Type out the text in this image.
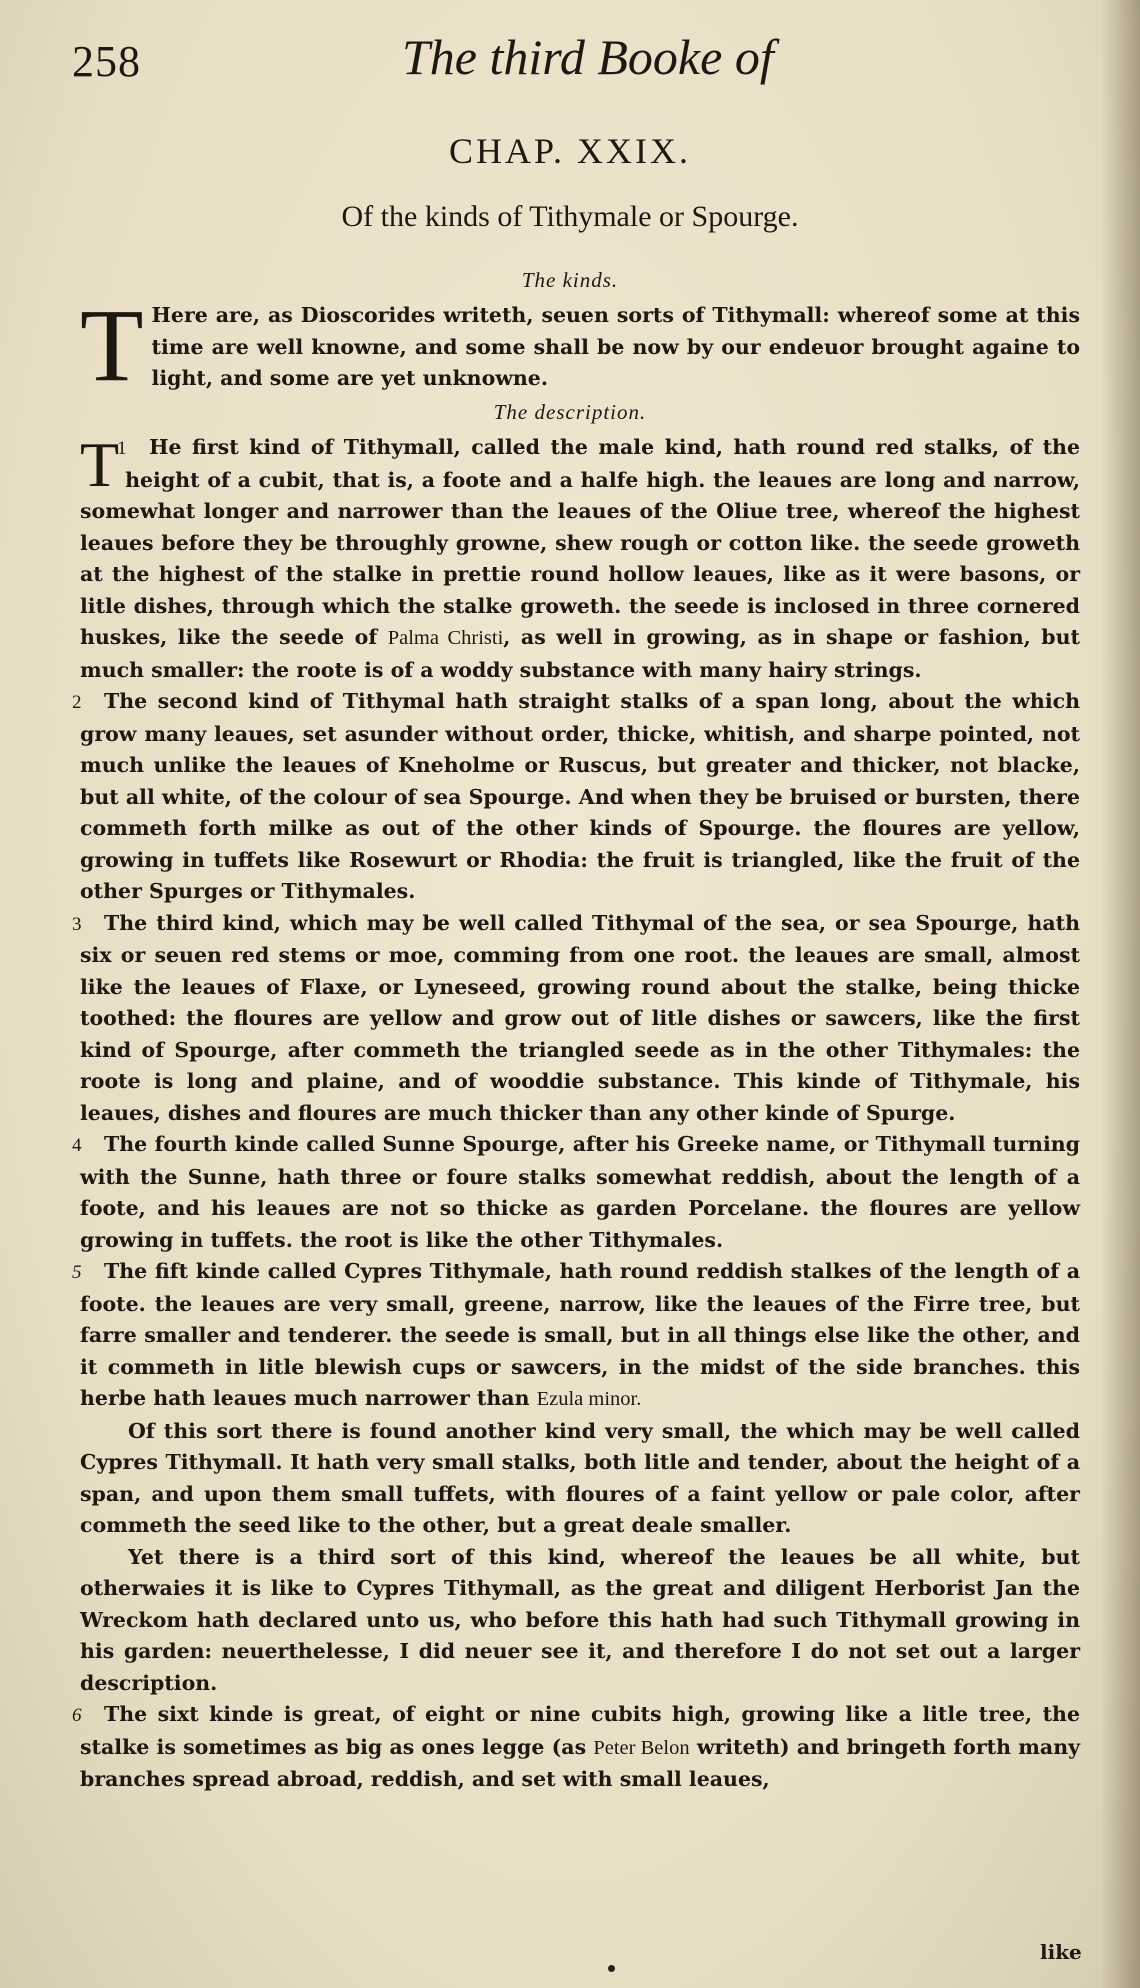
258	The third Booke of
CHAP. XXIX.
Of the kinds of Tithymale or Spourge.
The kinds.

T Here are, as Dioscorides writeth, seuen sorts of Tithymall: whereof some at this time are well knowne, and some shall be now by our endeuor brought againe to light, and some are yet unknowne.

The description.

1
T He first kind of Tithymall, called the male kind, hath round red stalks, of the height of a cubit, that is, a foote and a halfe high. the leaues are long and narrow, somewhat longer and narrower than the leaues of the Oliue tree, whereof the highest leaues before they be throughly growne, shew rough or cotton like. the seede groweth at the highest of the stalke in prettie round hollow leaues, like as it were basons, or litle dishes, through which the stalke groweth. the seede is inclosed in three cornered huskes, like the seede of Palma Christi, as well in growing, as in shape or fashion, but much smaller: the roote is of a woddy substance with many hairy strings.

2 The second kind of Tithymal hath straight stalks of a span long, about the which grow many leaues, set asunder without order, thicke, whitish, and sharpe pointed, not much unlike the leaues of Kneholme or Ruscus, but greater and thicker, not blacke, but all white, of the colour of sea Spourge. And when they be bruised or bursten, there commeth forth milke as out of the other kinds of Spourge. the floures are yellow, growing in tuffets like Rosewurt or Rhodia: the fruit is triangled, like the fruit of the other Spurges or Tithymales.

3 The third kind, which may be well called Tithymal of the sea, or sea Spourge, hath six or seuen red stems or moe, comming from one root. the leaues are small, almost like the leaues of Flaxe, or Lyneseed, growing round about the stalke, being thicke toothed: the floures are yellow and grow out of litle dishes or sawcers, like the first kind of Spourge, after commeth the triangled seede as in the other Tithymales: the roote is long and plaine, and of wooddie substance. This kinde of Tithymale, his leaues, dishes and floures are much thicker than any other kinde of Spurge.

4 The fourth kinde called Sunne Spourge, after his Greeke name, or Tithymall turning with the Sunne, hath three or foure stalks somewhat reddish, about the length of a foote, and his leaues are not so thicke as garden Porcelane. the floures are yellow growing in tuffets. the root is like the other Tithymales.

5 The fift kinde called Cypres Tithymale, hath round reddish stalkes of the length of a foote. the leaues are very small, greene, narrow, like the leaues of the Firre tree, but farre smaller and tenderer. the seede is small, but in all things else like the other, and it commeth in litle blewish cups or sawcers, in the midst of the side branches. this herbe hath leaues much narrower than Ezula minor.

Of this sort there is found another kind very small, the which may be well called Cypres Tithymall. It hath very small stalks, both litle and tender, about the height of a span, and upon them small tuffets, with floures of a faint yellow or pale color, after commeth the seed like to the other, but a great deale smaller.

Yet there is a third sort of this kind, whereof the leaues be all white, but otherwaies it is like to Cypres Tithymall, as the great and diligent Herborist Jan the Wreckom hath declared unto us, who before this hath had such Tithymall growing in his garden: neuerthelesse, I did neuer see it, and therefore I do not set out a larger description.

6 The sixt kinde is great, of eight or nine cubits high, growing like a litle tree, the stalke is sometimes as big as ones legge (as Peter Belon writeth) and bringeth forth many branches spread abroad, reddish, and set with small leaues,

like
